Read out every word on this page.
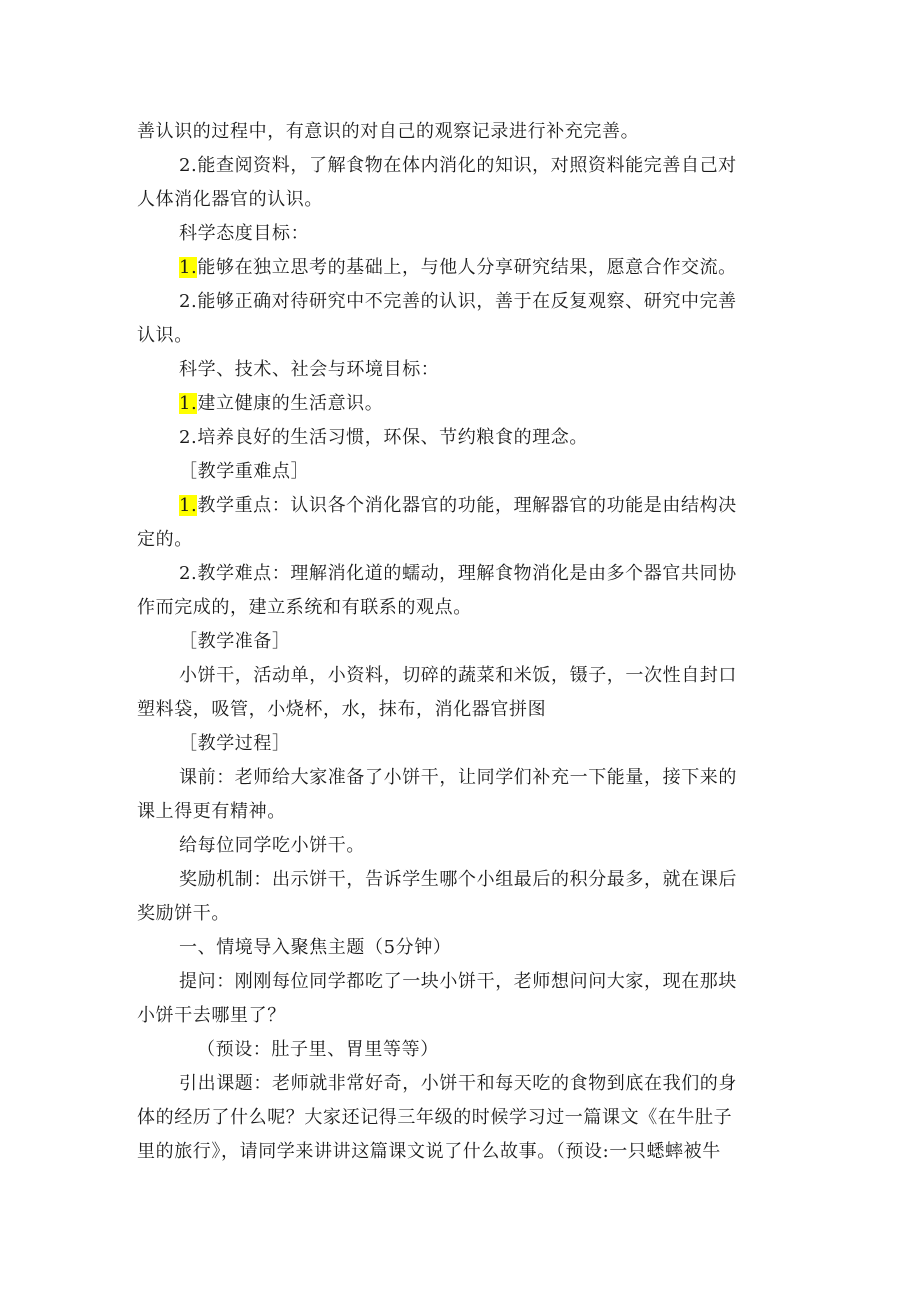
善认识的过程中，有意识的对自己的观察记录进行补充完善。
2.能查阅资料，了解食物在体内消化的知识，对照资料能完善自己对
人体消化器官的认识。
科学态度目标：
1.能够在独立思考的基础上，与他人分享研究结果，愿意合作交流。
2.能够正确对待研究中不完善的认识，善于在反复观察、研究中完善
认识。
科学、技术、社会与环境目标：
1.建立健康的生活意识。
2.培养良好的生活习惯，环保、节约粮食的理念。
［教学重难点］
1.教学重点：认识各个消化器官的功能，理解器官的功能是由结构决
定的。
2.教学难点：理解消化道的蠕动，理解食物消化是由多个器官共同协
作而完成的，建立系统和有联系的观点。
［教学准备］
小饼干，活动单，小资料，切碎的蔬菜和米饭，镊子，一次性自封口
塑料袋，吸管，小烧杯，水，抹布，消化器官拼图
［教学过程］
课前：老师给大家准备了小饼干，让同学们补充一下能量，接下来的
课上得更有精神。
给每位同学吃小饼干。
奖励机制：出示饼干，告诉学生哪个小组最后的积分最多，就在课后
奖励饼干。
一、情境导入聚焦主题（5分钟）
提问：刚刚每位同学都吃了一块小饼干，老师想问问大家，现在那块
小饼干去哪里了？
（预设：肚子里、胃里等等）
引出课题：老师就非常好奇，小饼干和每天吃的食物到底在我们的身
体的经历了什么呢？大家还记得三年级的时候学习过一篇课文《在牛肚子
里的旅行》，请同学来讲讲这篇课文说了什么故事。（预设:一只蟋蟀被牛
